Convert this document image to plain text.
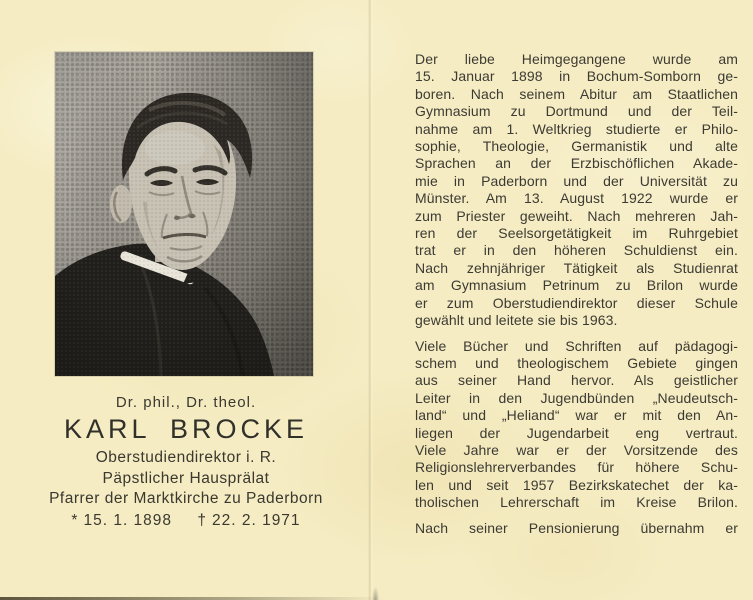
Dr. phil., Dr. theol.
KARL BROCKE
Oberstudiendirektor i. R.
Päpstlicher Hausprälat
Pfarrer der Marktkirche zu Paderborn
* 15. 1. 1898 † 22. 2. 1971
Der liebe Heimgegangene wurde am
15. Januar 1898 in Bochum-Somborn ge-
boren. Nach seinem Abitur am Staatlichen
Gymnasium zu Dortmund und der Teil-
nahme am 1. Weltkrieg studierte er Philo-
sophie, Theologie, Germanistik und alte
Sprachen an der Erzbischöflichen Akade-
mie in Paderborn und der Universität zu
Münster. Am 13. August 1922 wurde er
zum Priester geweiht. Nach mehreren Jah-
ren der Seelsorgetätigkeit im Ruhrgebiet
trat er in den höheren Schuldienst ein.
Nach zehnjähriger Tätigkeit als Studienrat
am Gymnasium Petrinum zu Brilon wurde
er zum Oberstudiendirektor dieser Schule
gewählt und leitete sie bis 1963.
Viele Bücher und Schriften auf pädagogi-
schem und theologischem Gebiete gingen
aus seiner Hand hervor. Als geistlicher
Leiter in den Jugendbünden „Neudeutsch-
land“ und „Heliand“ war er mit den An-
liegen der Jugendarbeit eng vertraut.
Viele Jahre war er der Vorsitzende des
Religionslehrerverbandes für höhere Schu-
len und seit 1957 Bezirkskatechet der ka-
tholischen Lehrerschaft im Kreise Brilon.
Nach seiner Pensionierung übernahm er
